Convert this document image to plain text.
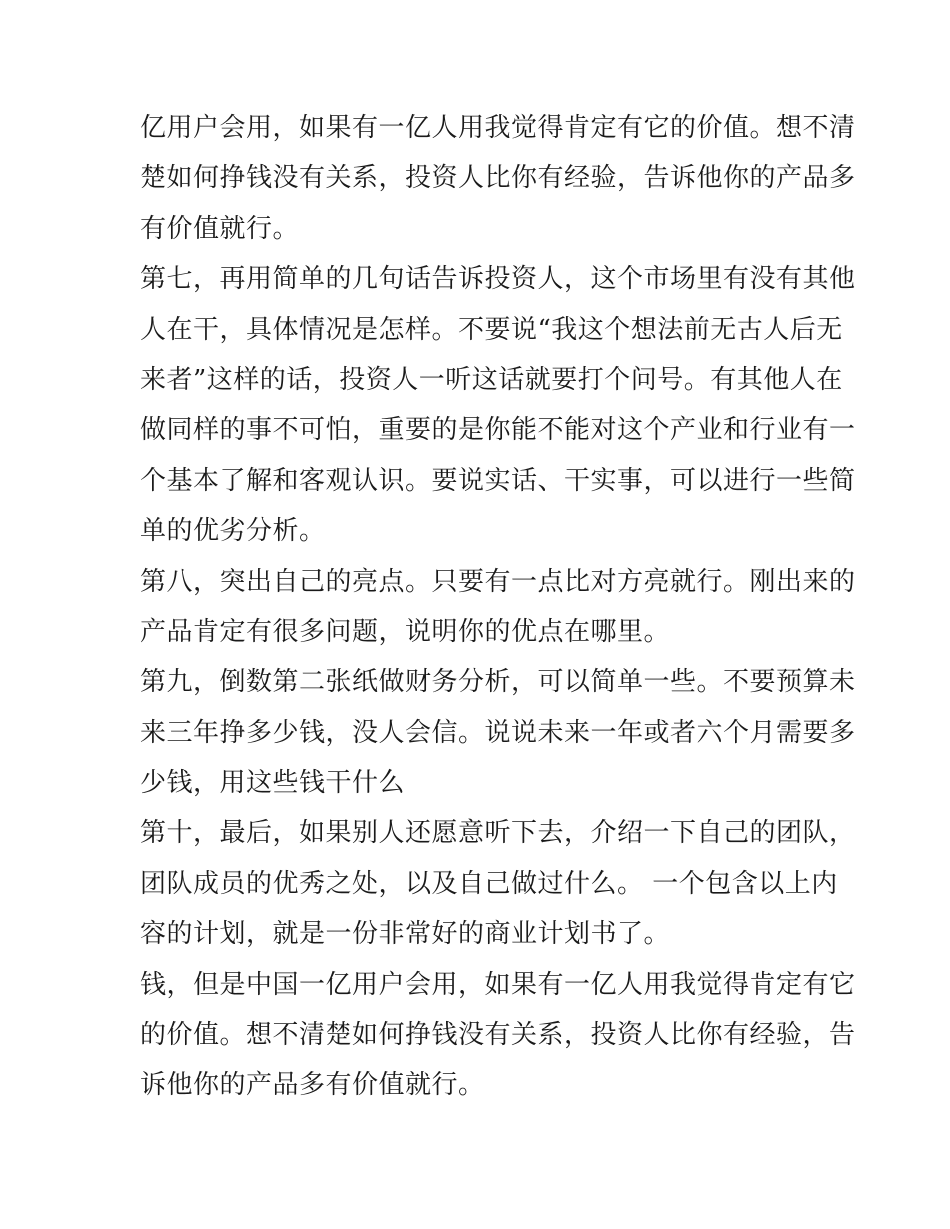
亿用户会用，如果有一亿人用我觉得肯定有它的价值。想不清
楚如何挣钱没有关系，投资人比你有经验，告诉他你的产品多
有价值就行。
第七，再用简单的几句话告诉投资人，这个市场里有没有其他
人在干，具体情况是怎样。不要说“我这个想法前无古人后无
来者”这样的话，投资人一听这话就要打个问号。有其他人在
做同样的事不可怕，重要的是你能不能对这个产业和行业有一
个基本了解和客观认识。要说实话、干实事，可以进行一些简
单的优劣分析。
第八，突出自己的亮点。只要有一点比对方亮就行。刚出来的
产品肯定有很多问题，说明你的优点在哪里。
第九，倒数第二张纸做财务分析，可以简单一些。不要预算未
来三年挣多少钱，没人会信。说说未来一年或者六个月需要多
少钱，用这些钱干什么
第十，最后，如果别人还愿意听下去，介绍一下自己的团队，
团队成员的优秀之处，以及自己做过什么。 一个包含以上内
容的计划，就是一份非常好的商业计划书了。
钱，但是中国一亿用户会用，如果有一亿人用我觉得肯定有它
的价值。想不清楚如何挣钱没有关系，投资人比你有经验，告
诉他你的产品多有价值就行。
